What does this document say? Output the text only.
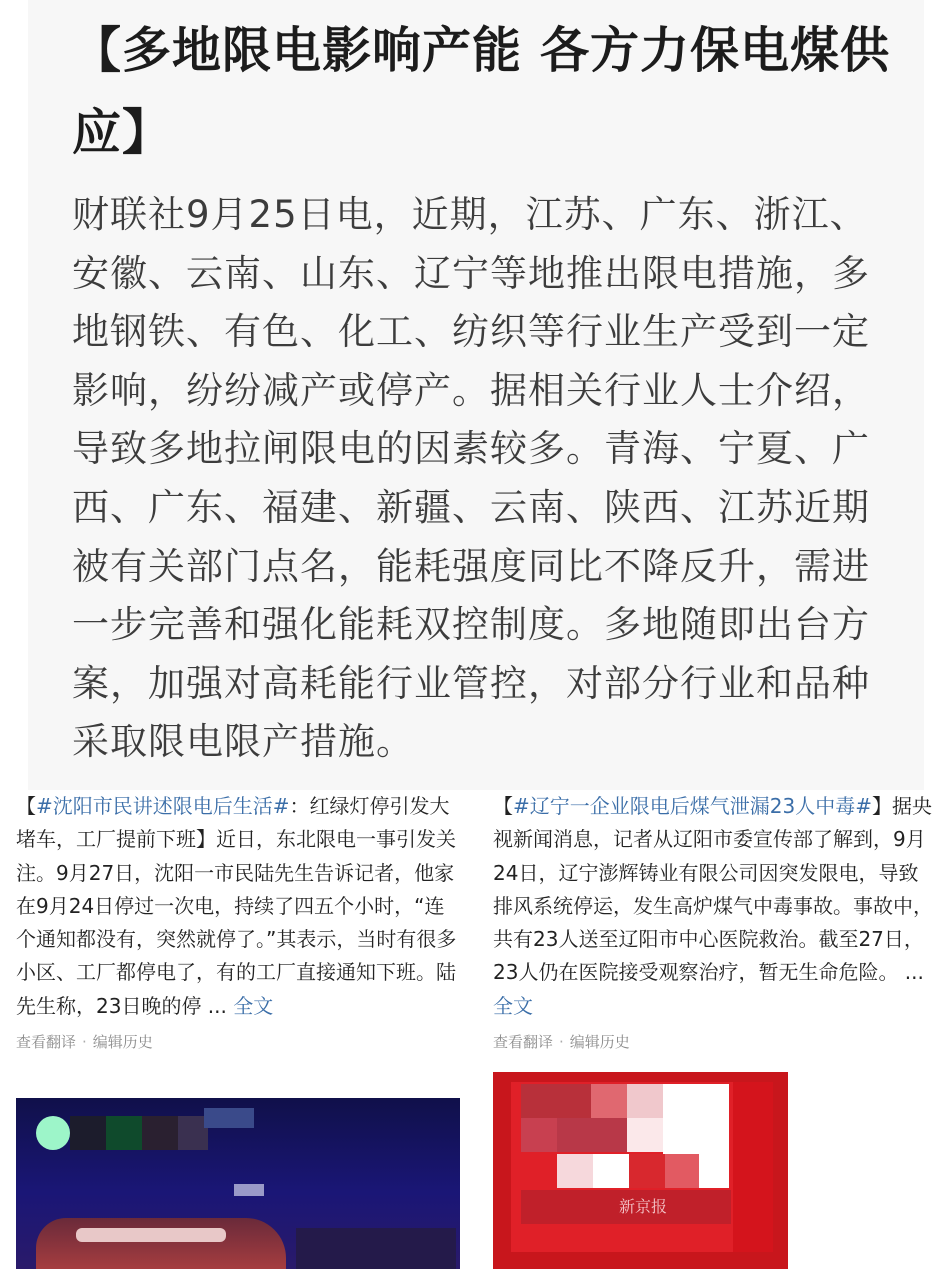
【多地限电影响产能 各方力保电煤供应】

财联社9月25日电，近期，江苏、广东、浙江、安徽、云南、山东、辽宁等地推出限电措施，多地钢铁、有色、化工、纺织等行业生产受到一定影响，纷纷减产或停产。据相关行业人士介绍，导致多地拉闸限电的因素较多。青海、宁夏、广西、广东、福建、新疆、云南、陕西、江苏近期被有关部门点名，能耗强度同比不降反升，需进一步完善和强化能耗双控制度。多地随即出台方案，加强对高耗能行业管控，对部分行业和品种采取限电限产措施。

【#沈阳市民讲述限电后生活#：红绿灯停引发大堵车，工厂提前下班】近日，东北限电一事引发关注。9月27日，沈阳一市民陆先生告诉记者，他家在9月24日停过一次电，持续了四五个小时，“连个通知都没有，突然就停了。”其表示，当时有很多小区、工厂都停电了，有的工厂直接通知下班。陆先生称，23日晚的停 ... 全文

查看翻译 · 编辑历史

【#辽宁一企业限电后煤气泄漏23人中毒#】据央视新闻消息，记者从辽阳市委宣传部了解到，9月24日，辽宁澎辉铸业有限公司因突发限电，导致排风系统停运，发生高炉煤气中毒事故。事故中，共有23人送至辽阳市中心医院救治。截至27日，23人仍在医院接受观察治疗，暂无生命危险。 ... 全文

查看翻译 · 编辑历史
新京报
